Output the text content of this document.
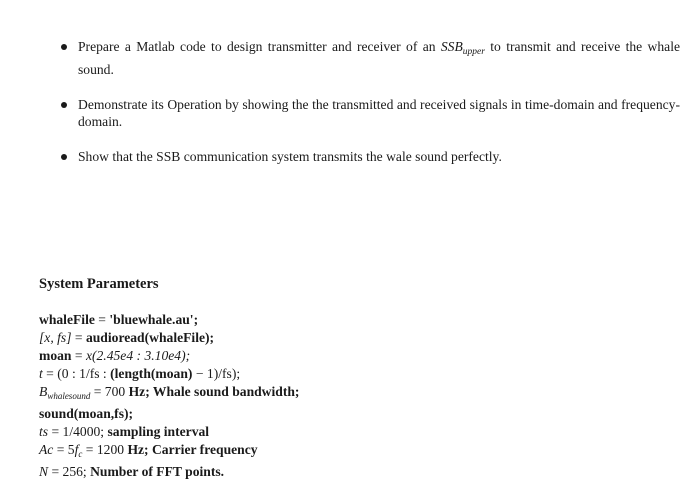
Prepare a Matlab code to design transmitter and receiver of an $SSB_{upper}$ to transmit and receive the whale sound.
Demonstrate its Operation by showing the the transmitted and received signals in time-domain and frequency-domain.
Show that the SSB communication system transmits the wale sound perfectly.
System Parameters
whaleFile = 'bluewhale.au';
[x, fs] = audioread(whaleFile);
moan = x(2.45e4 : 3.10e4);
t = (0 : 1/fs : (length(moan) − 1)/fs);
$B_{whalesound} = 700$ Hz; Whale sound bandwidth;
sound(moan,fs);
ts = 1/4000; sampling interval
$Ac = 5f_c = 1200$ Hz; Carrier frequency
N = 256; Number of FFT points.
